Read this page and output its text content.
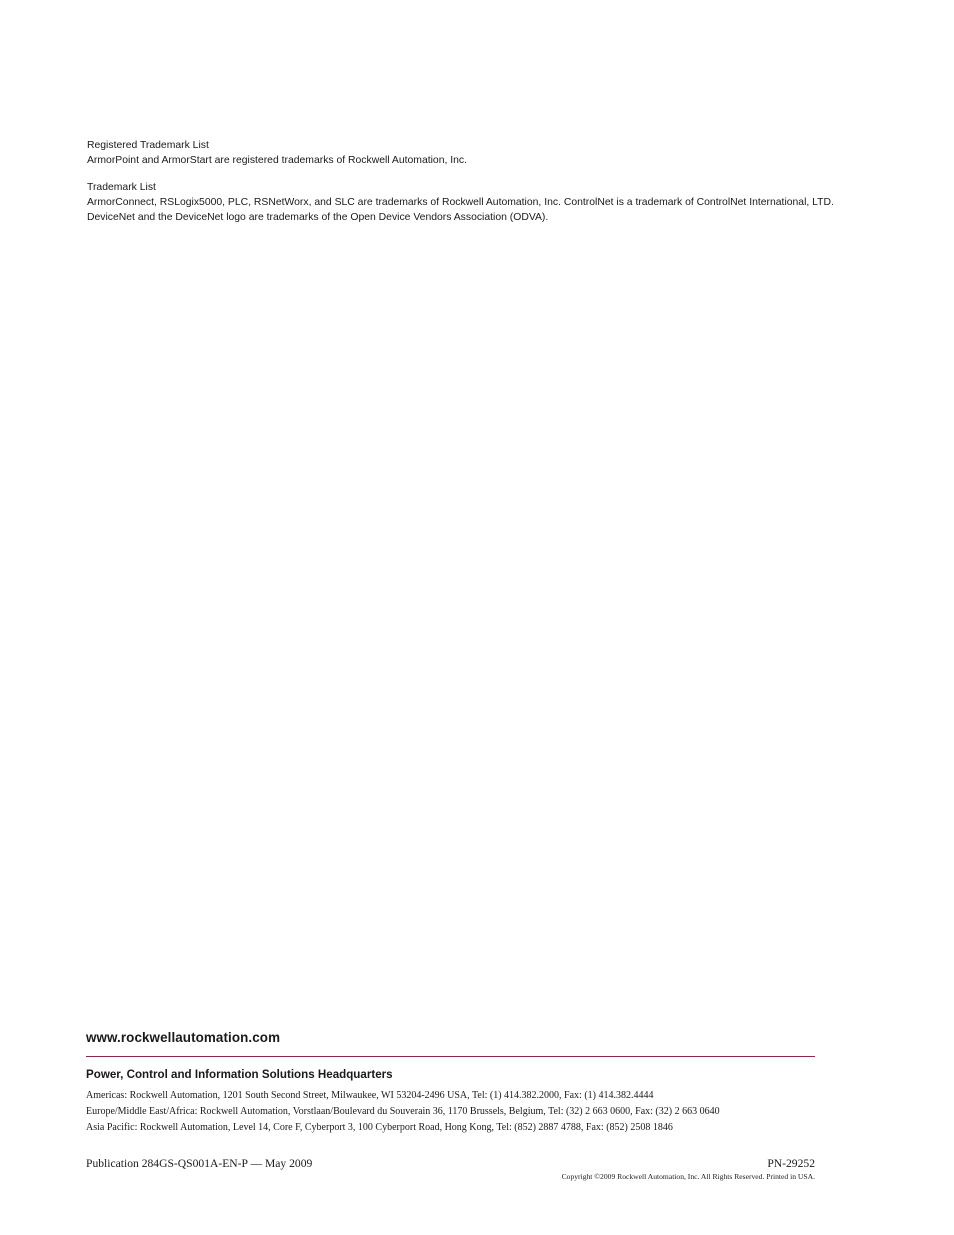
Registered Trademark List

ArmorPoint and ArmorStart are registered trademarks of Rockwell Automation, Inc.

Trademark List

ArmorConnect, RSLogix5000, PLC, RSNetWorx, and SLC are trademarks of Rockwell Automation, Inc. ControlNet is a trademark of ControlNet International, LTD. DeviceNet and the DeviceNet logo are trademarks of the Open Device Vendors Association (ODVA).

www.rockwellautomation.com
Power, Control and Information Solutions Headquarters

Americas: Rockwell Automation, 1201 South Second Street, Milwaukee, WI 53204-2496 USA, Tel: (1) 414.382.2000, Fax: (1) 414.382.4444

Europe/Middle East/Africa: Rockwell Automation, Vorstlaan/Boulevard du Souverain 36, 1170 Brussels, Belgium, Tel: (32) 2 663 0600, Fax: (32) 2 663 0640

Asia Pacific: Rockwell Automation, Level 14, Core F, Cyberport 3, 100 Cyberport Road, Hong Kong, Tel: (852) 2887 4788, Fax: (852) 2508 1846

Publication 284GS-QS001A-EN-P — May 2009	PN-29252
Copyright ©2009 Rockwell Automation, Inc. All Rights Reserved. Printed in USA.
